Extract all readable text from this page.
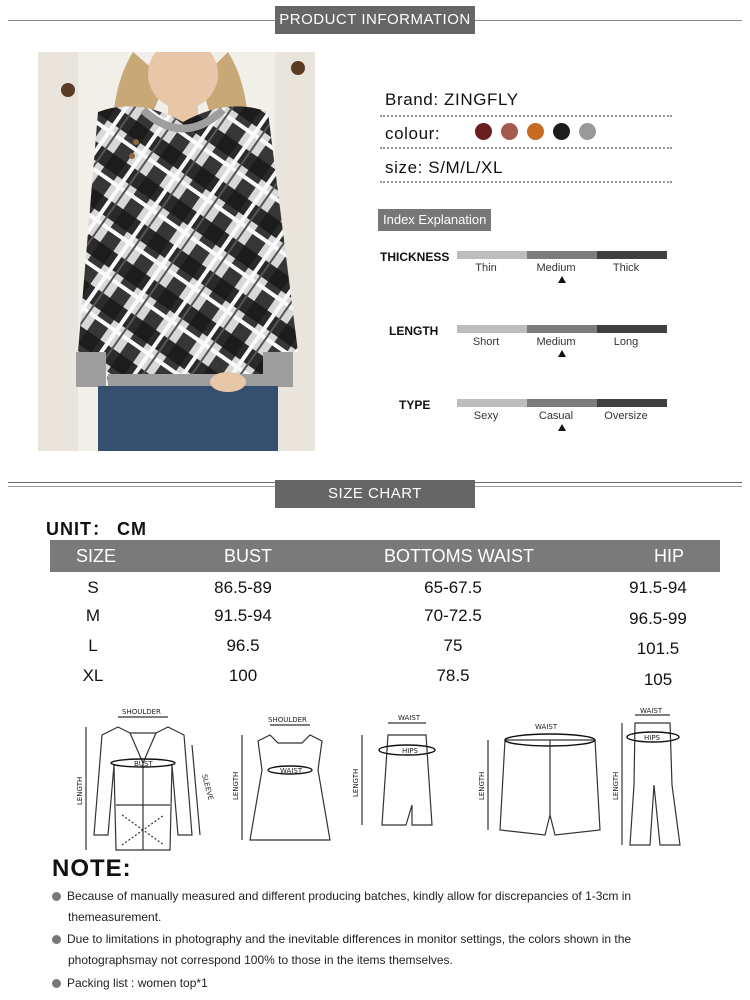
PRODUCT INFORMATION
Brand: ZINGFLY
colour:
size: S/M/L/XL
Index Explanation
THICKNESS
Thin	Medium	Thick
LENGTH
Short	Medium	Long
TYPE
Sexy	Casual	Oversize
SIZE CHART
UNIT： CM
SIZE	BUST	BOTTOMS WAIST	HIP
S	86.5-89	65-67.5	91.5-94
M	91.5-94	70-72.5	96.5-99
L	96.5	75	101.5
XL	100	78.5	105
SHOULDER
BUST
SLEEVE
LENGTH
SHOULDER
WAIST
LENGTH
WAIST
HIPS
LENGTH
WAIST
LENGTH
WAIST
HIPS
LENGTH
NOTE:
Because of manually measured and different producing batches, kindly allow for discrepancies of 1-3cm in
themeasurement.
Due to limitations in photography and the inevitable differences in monitor settings, the colors shown in the
photographsmay not correspond 100% to those in the items themselves.
Packing list : women top*1
